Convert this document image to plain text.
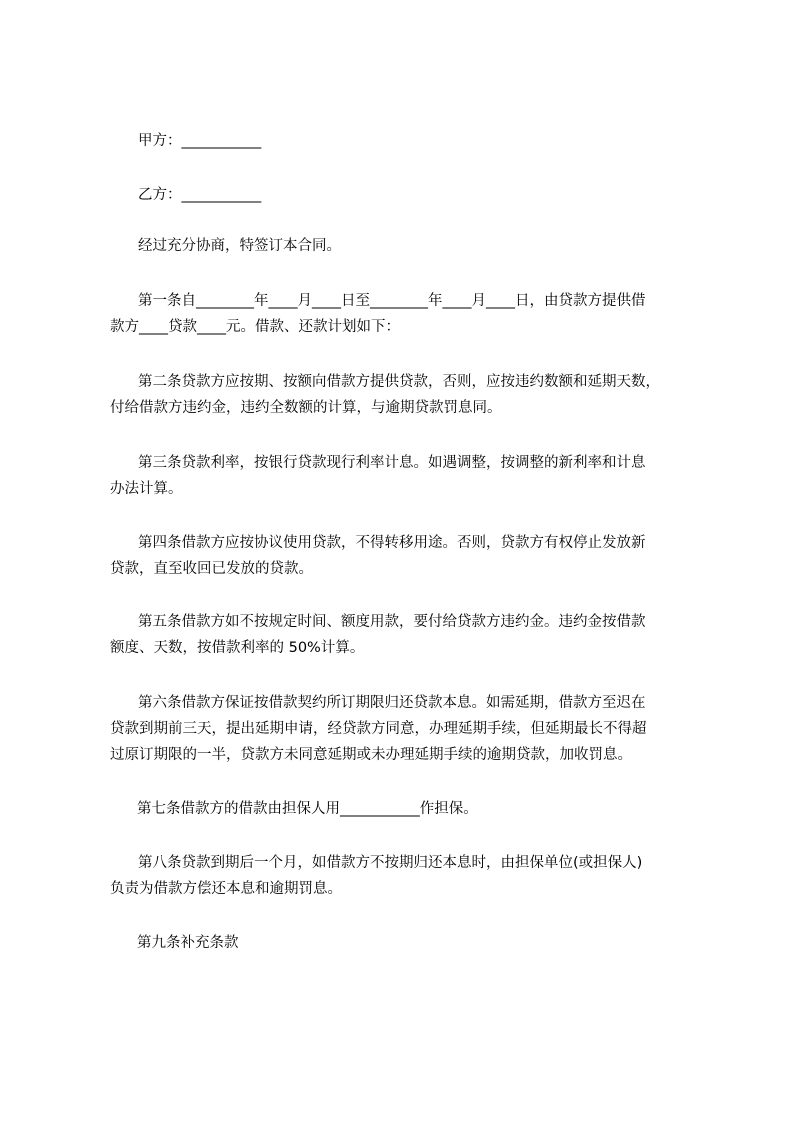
甲方：___________

乙方：___________

经过充分协商，特签订本合同。

第一条自________年____月____日至________年____月____日，由贷款方提供借
款方____贷款____元。借款、还款计划如下：

第二条贷款方应按期、按额向借款方提供贷款，否则，应按违约数额和延期天数，
付给借款方违约金，违约全数额的计算，与逾期贷款罚息同。

第三条贷款利率，按银行贷款现行利率计息。如遇调整，按调整的新利率和计息
办法计算。

第四条借款方应按协议使用贷款，不得转移用途。否则，贷款方有权停止发放新
贷款，直至收回已发放的贷款。

第五条借款方如不按规定时间、额度用款，要付给贷款方违约金。违约金按借款
额度、天数，按借款利率的 50%计算。

第六条借款方保证按借款契约所订期限归还贷款本息。如需延期，借款方至迟在
贷款到期前三天，提出延期申请，经贷款方同意，办理延期手续，但延期最长不得超
过原订期限的一半，贷款方未同意延期或未办理延期手续的逾期贷款，加收罚息。

第七条借款方的借款由担保人用___________作担保。

第八条贷款到期后一个月，如借款方不按期归还本息时，由担保单位(或担保人)
负责为借款方偿还本息和逾期罚息。

第九条补充条款
